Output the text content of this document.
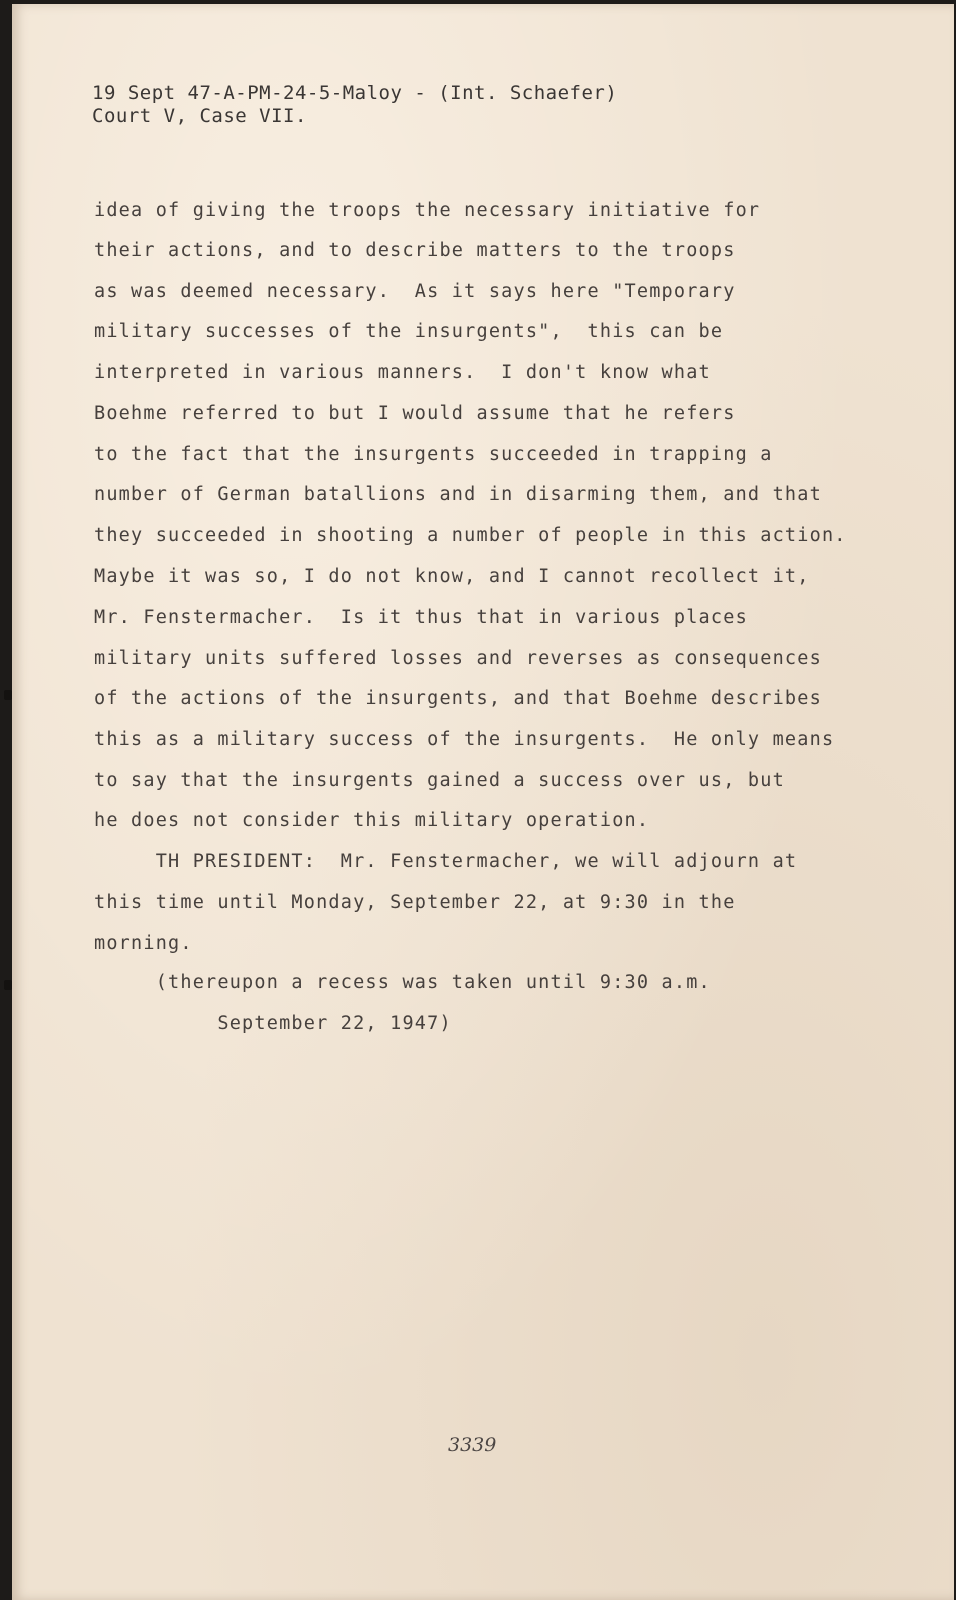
19 Sept 47-A-PM-24-5-Maloy - (Int. Schaefer)
Court V, Case VII.
idea of giving the troops the necessary initiative for
their actions, and to describe matters to the troops
as was deemed necessary.  As it says here "Temporary
military successes of the insurgents",  this can be
interpreted in various manners.  I don't know what
Boehme referred to but I would assume that he refers
to the fact that the insurgents succeeded in trapping a
number of German batallions and in disarming them, and that
they succeeded in shooting a number of people in this action.
Maybe it was so, I do not know, and I cannot recollect it,
Mr. Fenstermacher.  Is it thus that in various places
military units suffered losses and reverses as consequences
of the actions of the insurgents, and that Boehme describes
this as a military success of the insurgents.  He only means
to say that the insurgents gained a success over us, but
he does not consider this military operation.
TH PRESIDENT:  Mr. Fenstermacher, we will adjourn at
this time until Monday, September 22, at 9:30 in the
morning.
(thereupon a recess was taken until 9:30 a.m.
September 22, 1947)
3339
